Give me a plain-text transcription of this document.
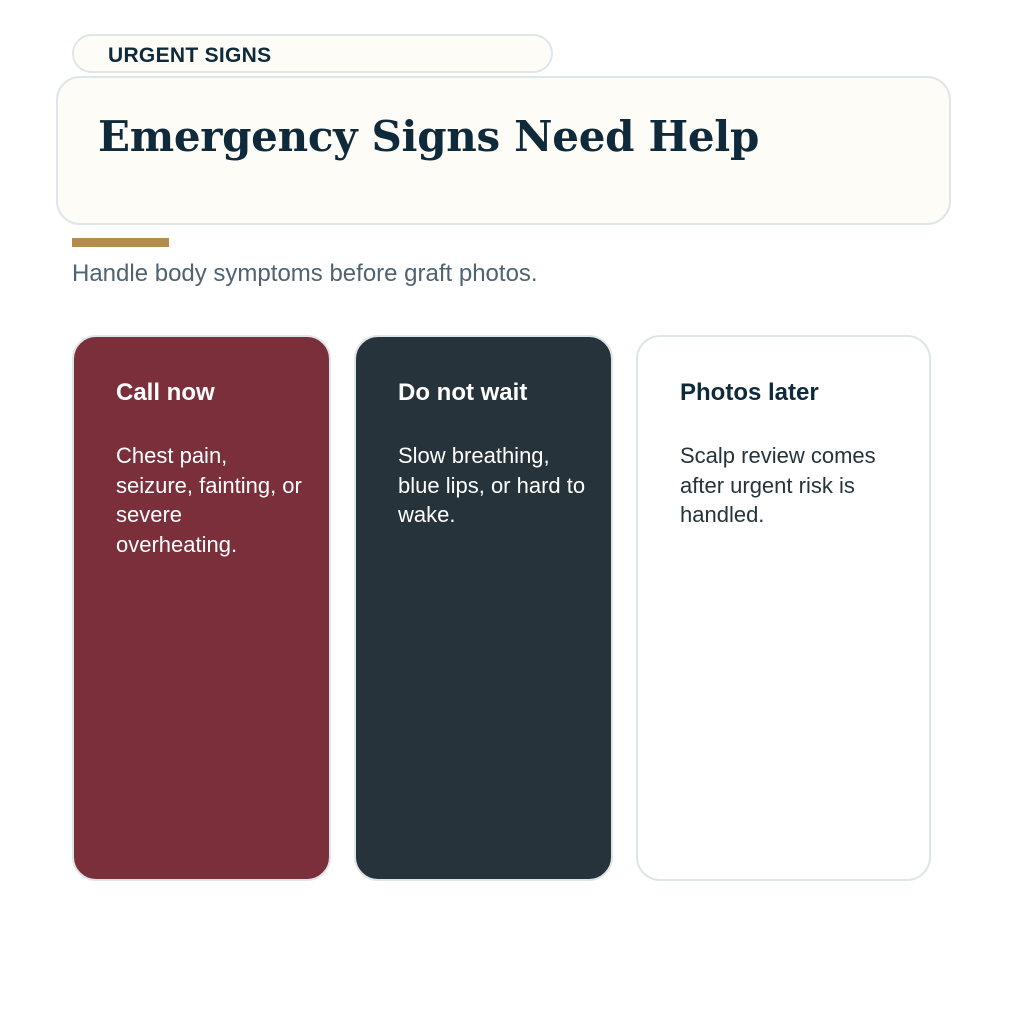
URGENT SIGNS
Emergency Signs Need Help
Handle body symptoms before graft photos.
Call now
Chest pain, seizure, fainting, or severe overheating.
Do not wait
Slow breathing, blue lips, or hard to wake.
Photos later
Scalp review comes after urgent risk is handled.
